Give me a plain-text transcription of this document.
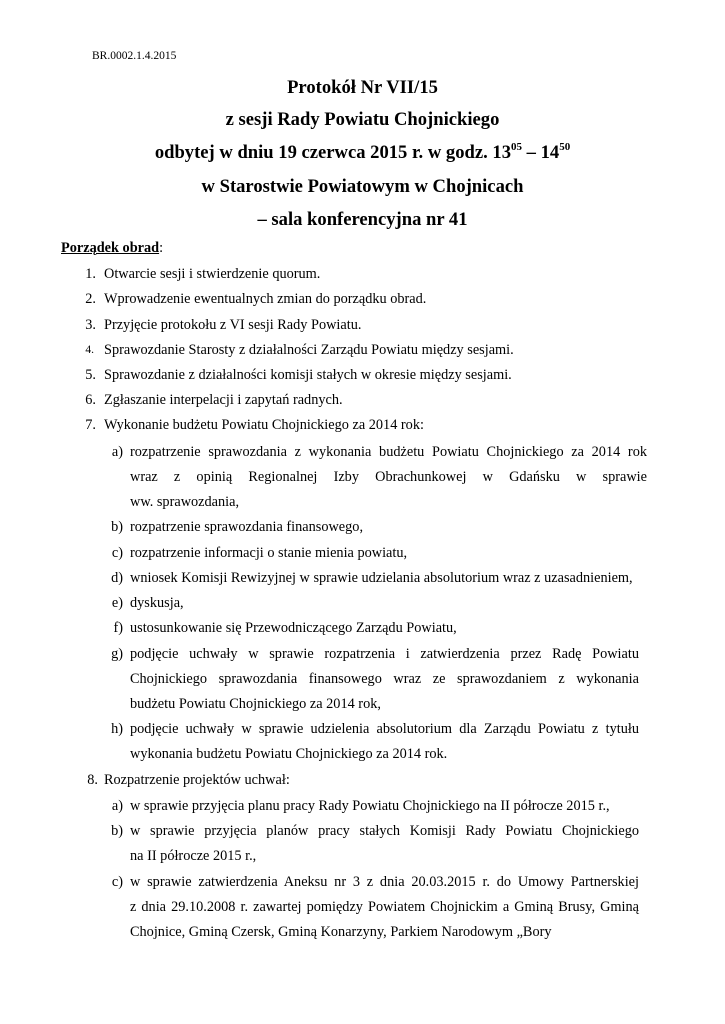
BR.0002.1.4.2015
Protokół Nr VII/15
z sesji Rady Powiatu Chojnickiego
odbytej w dniu 19 czerwca 2015 r. w godz. $13^{05} - 14^{50}$
w Starostwie Powiatowym w Chojnicach
– sala konferencyjna nr 41
Porządek obrad:
1. Otwarcie sesji i stwierdzenie quorum.
2. Wprowadzenie ewentualnych zmian do porządku obrad.
3. Przyjęcie protokołu z VI sesji Rady Powiatu.
4. Sprawozdanie Starosty z działalności Zarządu Powiatu między sesjami.
5. Sprawozdanie z działalności komisji stałych w okresie między sesjami.
6. Zgłaszanie interpelacji i zapytań radnych.
7. Wykonanie budżetu Powiatu Chojnickiego za 2014 rok:
a) rozpatrzenie sprawozdania z wykonania budżetu Powiatu Chojnickiego za 2014 rok
wraz z opinią Regionalnej Izby Obrachunkowej w Gdańsku w sprawie
ww. sprawozdania,
b) rozpatrzenie sprawozdania finansowego,
c) rozpatrzenie informacji o stanie mienia powiatu,
d) wniosek Komisji Rewizyjnej w sprawie udzielania absolutorium wraz z uzasadnieniem,
e) dyskusja,
f) ustosunkowanie się Przewodniczącego Zarządu Powiatu,
g) podjęcie uchwały w sprawie rozpatrzenia i zatwierdzenia przez Radę Powiatu
Chojnickiego sprawozdania finansowego wraz ze sprawozdaniem z wykonania
budżetu Powiatu Chojnickiego za 2014 rok,
h) podjęcie uchwały w sprawie udzielenia absolutorium dla Zarządu Powiatu z tytułu
wykonania budżetu Powiatu Chojnickiego za 2014 rok.
8. Rozpatrzenie projektów uchwał:
a) w sprawie przyjęcia planu pracy Rady Powiatu Chojnickiego na II półrocze 2015 r.,
b) w sprawie przyjęcia planów pracy stałych Komisji Rady Powiatu Chojnickiego
na II półrocze 2015 r.,
c) w sprawie zatwierdzenia Aneksu nr 3 z dnia 20.03.2015 r. do Umowy Partnerskiej
z dnia 29.10.2008 r. zawartej pomiędzy Powiatem Chojnickim a Gminą Brusy, Gminą
Chojnice, Gminą Czersk, Gminą Konarzyny, Parkiem Narodowym „Bory
